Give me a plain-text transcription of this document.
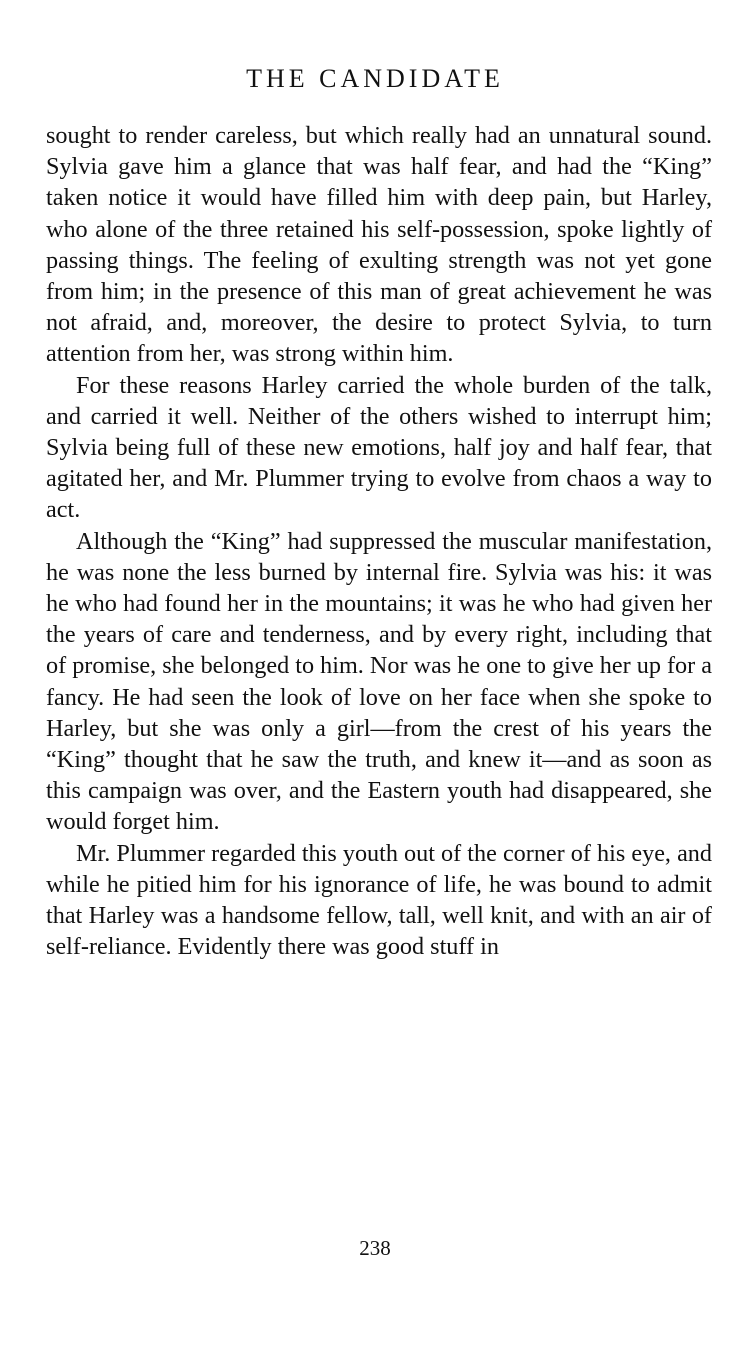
THE CANDIDATE

sought to render careless, but which really had an unnatural sound. Sylvia gave him a glance that was half fear, and had the “King” taken notice it would have filled him with deep pain, but Harley, who alone of the three retained his self-possession, spoke lightly of passing things. The feeling of exulting strength was not yet gone from him; in the presence of this man of great achievement he was not afraid, and, moreover, the desire to protect Sylvia, to turn attention from her, was strong within him.

For these reasons Harley carried the whole burden of the talk, and carried it well. Neither of the others wished to interrupt him; Sylvia being full of these new emotions, half joy and half fear, that agitated her, and Mr. Plummer trying to evolve from chaos a way to act.

Although the “King” had suppressed the muscular manifestation, he was none the less burned by internal fire. Sylvia was his: it was he who had found her in the mountains; it was he who had given her the years of care and tenderness, and by every right, including that of promise, she belonged to him. Nor was he one to give her up for a fancy. He had seen the look of love on her face when she spoke to Harley, but she was only a girl—from the crest of his years the “King” thought that he saw the truth, and knew it—and as soon as this campaign was over, and the Eastern youth had disappeared, she would forget him.

Mr. Plummer regarded this youth out of the corner of his eye, and while he pitied him for his ignorance of life, he was bound to admit that Harley was a handsome fellow, tall, well knit, and with an air of self-reliance. Evidently there was good stuff in

238
